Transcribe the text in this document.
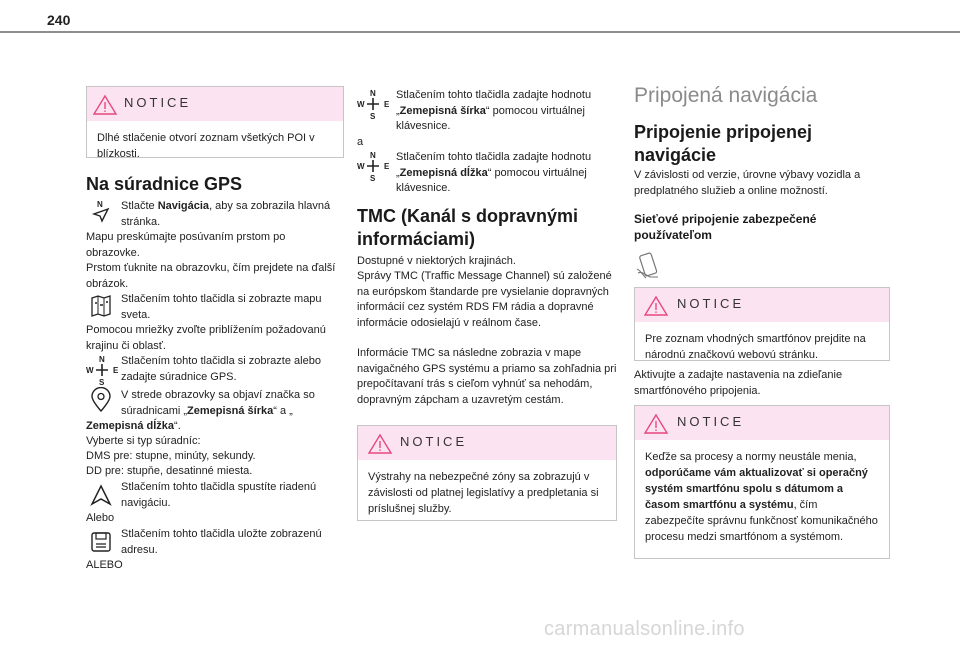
240
NOTICE
Dlhé stlačenie otvorí zoznam všetkých POI v blízkosti.
Na súradnice GPS
N Stlačte Navigácia, aby sa zobrazila hlavná stránka.
Mapu preskúmajte posúvaním prstom po obrazovke.
Prstom ťuknite na obrazovku, čím prejdete na ďalší obrázok.
Stlačením tohto tlačidla si zobrazte mapu sveta.
Pomocou mriežky zvoľte priblížením požadovanú krajinu či oblasť.
N
S
W E
Stlačením tohto tlačidla si zobrazte alebo zadajte súradnice GPS.
V strede obrazovky sa objaví značka so súradnicami „Zemepisná šírka“ a „
Zemepisná dĺžka“.
Vyberte si typ súradníc:
DMS pre: stupne, minúty, sekundy.
DD pre: stupňe, desatinné miesta.
Stlačením tohto tlačidla spustíte riadenú navigáciu.
Alebo
Stlačením tohto tlačidla uložte zobrazenú adresu.
ALEBO
N
S
W E
Stlačením tohto tlačidla zadajte hodnotu „Zemepisná šírka“ pomocou virtuálnej klávesnice.
a
N
S
W E
Stlačením tohto tlačidla zadajte hodnotu „Zemepisná dĺžka“ pomocou virtuálnej klávesnice.
TMC (Kanál s dopravnými informáciami)
Dostupné v niektorých krajinách.
Správy TMC (Traffic Message Channel) sú založené na európskom štandarde pre vysielanie dopravných informácií cez systém RDS FM rádia a dopravné informácie odosielajú v reálnom čase.
Informácie TMC sa následne zobrazia v mape navigačného GPS systému a priamo sa zohľadnia pri prepočítavaní trás s cieľom vyhnúť sa nehodám, dopravným zápcham a uzavretým cestám.
NOTICE
Výstrahy na nebezpečné zóny sa zobrazujú v závislosti od platnej legislatívy a predpletania si príslušnej služby.
Pripojená navigácia
Pripojenie pripojenej navigácie
V závislosti od verzie, úrovne výbavy vozidla a predplatného služieb a online možností.
Sieťové pripojenie zabezpečené používateľom
NOTICE
Pre zoznam vhodných smartfónov prejdite na národnú značkovú webovú stránku.
Aktivujte a zadajte nastavenia na zdieľanie smartfónového pripojenia.
NOTICE
Keďže sa procesy a normy neustále menia, odporúčame vám aktualizovať si operačný systém smartfónu spolu s dátumom a časom smartfónu a systému, čím zabezpečíte správnu funkčnosť komunikačného procesu medzi smartfónom a systémom.
carmanualsonline.info
